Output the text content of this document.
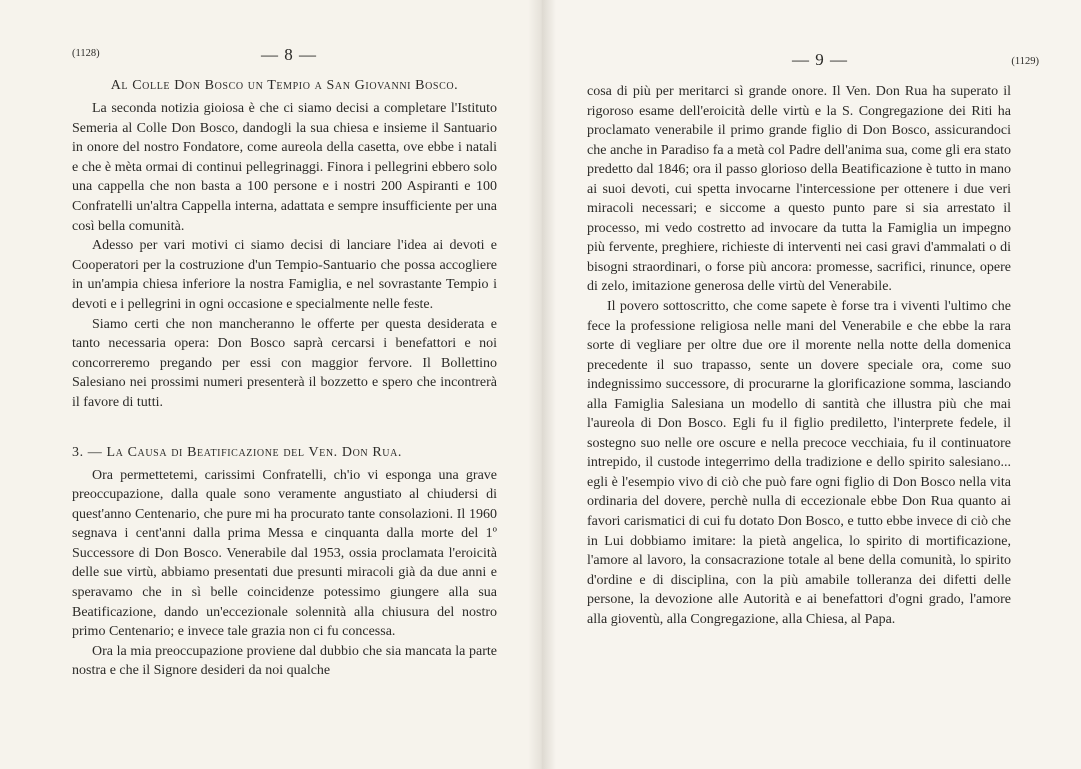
(1128)	— 8 —
Al Colle Don Bosco un Tempio a San Giovanni Bosco.

La seconda notizia gioiosa è che ci siamo decisi a completare l'Istituto Semeria al Colle Don Bosco, dandogli la sua chiesa e insieme il Santuario in onore del nostro Fondatore, come aureola della casetta, ove ebbe i natali e che è mèta ormai di continui pellegrinaggi. Finora i pellegrini ebbero solo una cappella che non basta a 100 persone e i nostri 200 Aspiranti e 100 Confratelli un'altra Cappella interna, adattata e sempre insufficiente per una così bella comunità.

Adesso per vari motivi ci siamo decisi di lanciare l'idea ai devoti e Cooperatori per la costruzione d'un Tempio-Santuario che possa accogliere in un'ampia chiesa inferiore la nostra Famiglia, e nel sovrastante Tempio i devoti e i pellegrini in ogni occasione e specialmente nelle feste.

Siamo certi che non mancheranno le offerte per questa desiderata e tanto necessaria opera: Don Bosco saprà cercarsi i benefattori e noi concorreremo pregando per essi con maggior fervore. Il Bollettino Salesiano nei prossimi numeri presenterà il bozzetto e spero che incontrerà il favore di tutti.

3. — La Causa di Beatificazione del Ven. Don Rua.

Ora permettetemi, carissimi Confratelli, ch'io vi esponga una grave preoccupazione, dalla quale sono veramente angustiato al chiudersi di quest'anno Centenario, che pure mi ha procurato tante consolazioni. Il 1960 segnava i cent'anni dalla prima Messa e cinquanta dalla morte del 1º Successore di Don Bosco. Venerabile dal 1953, ossia proclamata l'eroicità delle sue virtù, abbiamo presentati due presunti miracoli già da due anni e speravamo che in sì belle coincidenze potessimo giungere alla sua Beatificazione, dando un'eccezionale solennità alla chiusura del nostro primo Centenario; e invece tale grazia non ci fu concessa.

Ora la mia preoccupazione proviene dal dubbio che sia mancata la parte nostra e che il Signore desideri da noi qualche

— 9 —	(1129)

cosa di più per meritarci sì grande onore. Il Ven. Don Rua ha superato il rigoroso esame dell'eroicità delle virtù e la S. Congregazione dei Riti ha proclamato venerabile il primo grande figlio di Don Bosco, assicurandoci che anche in Paradiso fa a metà col Padre dell'anima sua, come gli era stato predetto dal 1846; ora il passo glorioso della Beatificazione è tutto in mano ai suoi devoti, cui spetta invocarne l'intercessione per ottenere i due veri miracoli necessari; e siccome a questo punto pare si sia arrestato il processo, mi vedo costretto ad invocare da tutta la Famiglia un impegno più fervente, preghiere, richieste di interventi nei casi gravi d'ammalati o di bisogni straordinari, o forse più ancora: promesse, sacrifici, rinunce, opere di zelo, imitazione generosa delle virtù del Venerabile.

Il povero sottoscritto, che come sapete è forse tra i viventi l'ultimo che fece la professione religiosa nelle mani del Venerabile e che ebbe la rara sorte di vegliare per oltre due ore il morente nella notte della domenica precedente il suo trapasso, sente un dovere speciale ora, come suo indegnissimo successore, di procurarne la glorificazione somma, lasciando alla Famiglia Salesiana un modello di santità che illustra più che mai l'aureola di Don Bosco. Egli fu il figlio prediletto, l'interprete fedele, il sostegno suo nelle ore oscure e nella precoce vecchiaia, fu il continuatore intrepido, il custode integerrimo della tradizione e dello spirito salesiano... egli è l'esempio vivo di ciò che può fare ogni figlio di Don Bosco nella vita ordinaria del dovere, perchè nulla di eccezionale ebbe Don Rua quanto ai favori carismatici di cui fu dotato Don Bosco, e tutto ebbe invece di ciò che in Lui dobbiamo imitare: la pietà angelica, lo spirito di mortificazione, l'amore al lavoro, la consacrazione totale al bene della comunità, lo spirito d'ordine e di disciplina, con la più amabile tolleranza dei difetti delle persone, la devozione alle Autorità e ai benefattori d'ogni grado, l'amore alla gioventù, alla Congregazione, alla Chiesa, al Papa.
